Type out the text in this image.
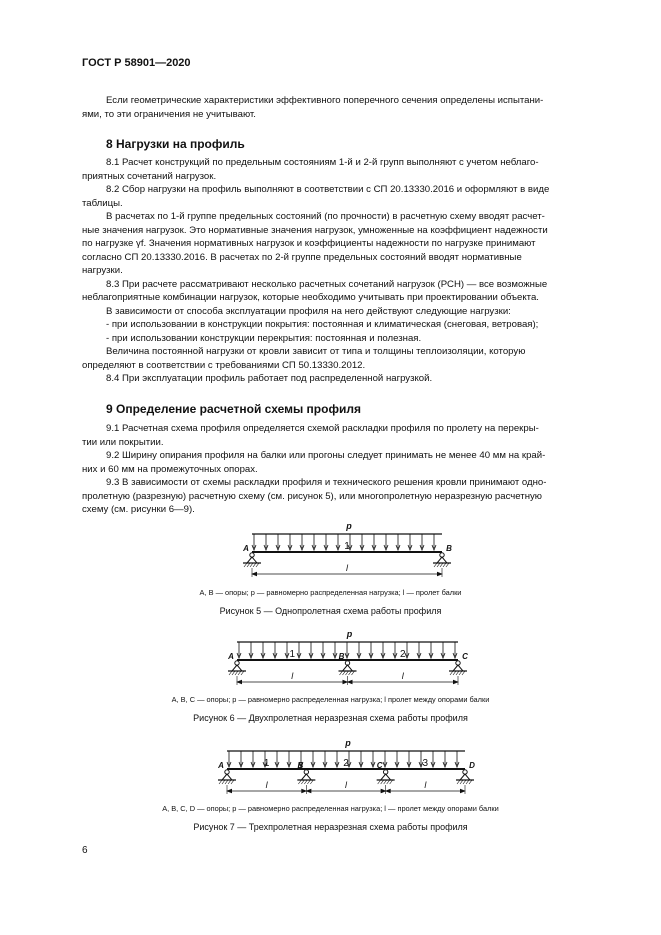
ГОСТ Р 58901—2020

Если геометрические характеристики эффективного поперечного сечения определены испытани-

ями, то эти ограничения не учитывают.

8 Нагрузки на профиль

8.1 Расчет конструкций по предельным состояниям 1-й и 2-й групп выполняют с учетом неблаго-

приятных сочетаний нагрузок.

8.2 Сбор нагрузки на профиль выполняют в соответствии с СП 20.13330.2016 и оформляют в виде

таблицы.

В расчетах по 1-й группе предельных состояний (по прочности) в расчетную схему вводят расчет-

ные значения нагрузок. Это нормативные значения нагрузок, умноженные на коэффициент надежности

по нагрузке γf. Значения нормативных нагрузок и коэффициенты надежности по нагрузке принимают

согласно СП 20.13330.2016. В расчетах по 2-й группе предельных состояний вводят нормативные

нагрузки.

8.3 При расчете рассматривают несколько расчетных сочетаний нагрузок (РСН) — все возможные

неблагоприятные комбинации нагрузок, которые необходимо учитывать при проектировании объекта.

В зависимости от способа эксплуатации профиля на него действуют следующие нагрузки:

- при использовании в конструкции покрытия: постоянная и климатическая (снеговая, ветровая);

- при использовании конструкции перекрытия: постоянная и полезная.

Величина постоянной нагрузки от кровли зависит от типа и толщины теплоизоляции, которую

определяют в соответствии с требованиями СП 50.13330.2012.

8.4 При эксплуатации профиль работает под распределенной нагрузкой.

9 Определение расчетной схемы профиля

9.1 Расчетная схема профиля определяется схемой раскладки профиля по пролету на перекры-

тии или покрытии.

9.2 Ширину опирания профиля на балки или прогоны следует принимать не менее 40 мм на край-

них и 60 мм на промежуточных опорах.

9.3 В зависимости от схемы раскладки профиля и технического решения кровли принимают одно-

пролетную (разрезную) расчетную схему (см. рисунок 5), или многопролетную неразрезную расчетную

схему (см. рисунки 6—9).

p
A	B
1
l
A, B — опоры; p — равномерно распределенная нагрузка; l — пролет балки
Рисунок 5 — Однопролетная схема работы профиля
p
A	B	C
1
l
2
l
A, B, C — опоры; p — равномерно распределенная нагрузка; l пролет между опорами балки
Рисунок 6 — Двухпролетная неразрезная схема работы профиля
p
A	B	C	D
1
l
2
l
3
l
A, B, C, D — опоры; p — равномерно распределенная нагрузка; l — пролет между опорами балки
Рисунок 7 — Трехпролетная неразрезная схема работы профиля
6
